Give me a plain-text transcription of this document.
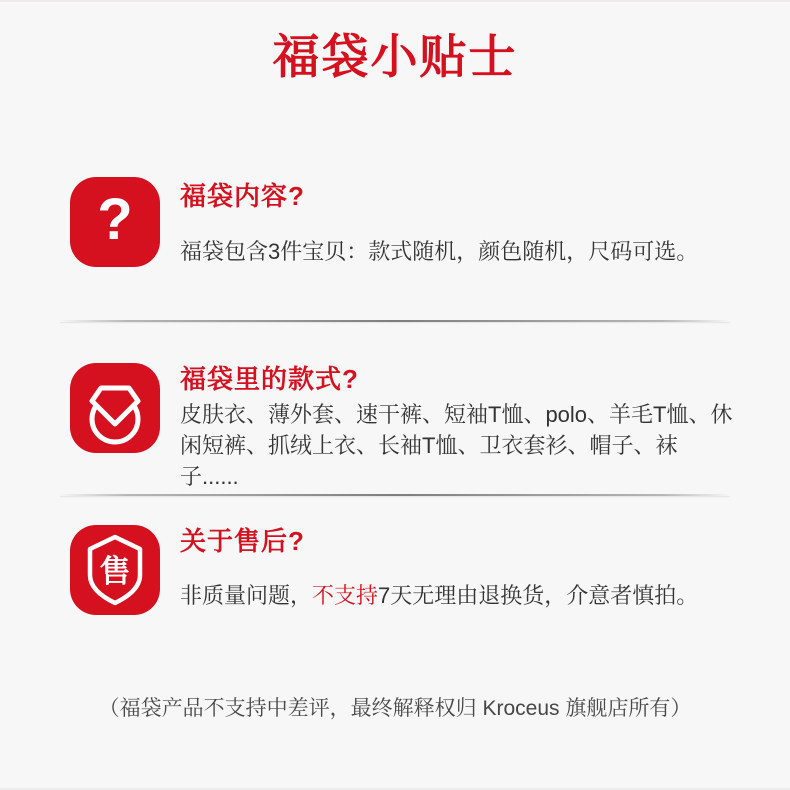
福袋小贴士
? 福袋内容?

福袋包含3件宝贝：款式随机，颜色随机，尺码可选。

福袋里的款式?

皮肤衣、薄外套、速干裤、短袖T恤、polo、羊毛T恤、休闲短裤、抓绒上衣、长袖T恤、卫衣套衫、帽子、袜子......

售
关于售后?

非质量问题，不支持7天无理由退换货，介意者慎拍。

（福袋产品不支持中差评，最终解释权归 Kroceus 旗舰店所有）
